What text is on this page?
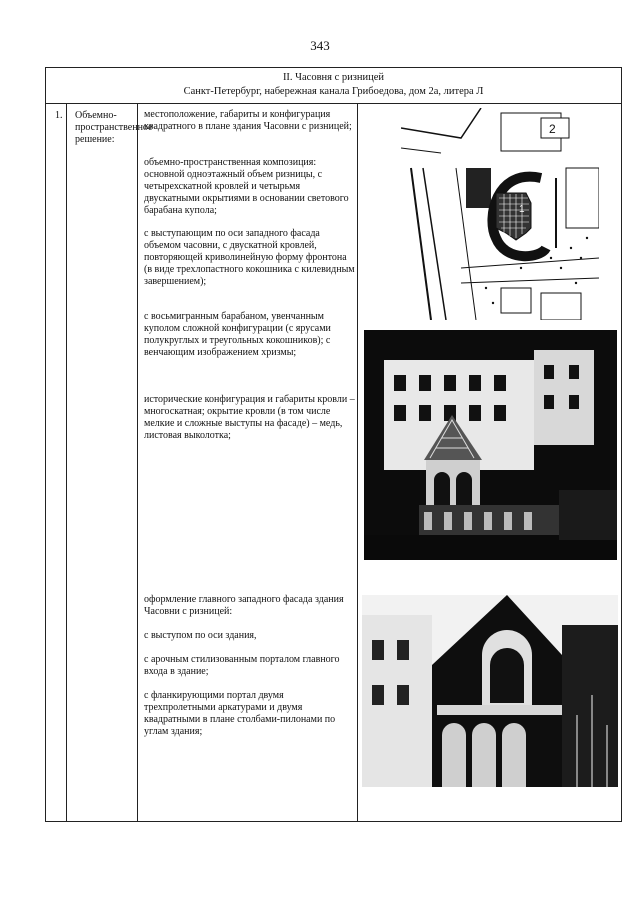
343
II. Часовня с ризницей
Санкт-Петербург, набережная канала Грибоедова, дом 2а, литера Л
1. Объемно-пространственное решение:

местоположение, габариты и конфигурация квадратного в плане здания Часовни с ризницей;

объемно-пространственная композиция: основной одноэтажный объем ризницы, с четырехскатной кровлей и четырьмя двускатными окрытиями в основании светового барабана купола;

с выступающим по оси западного фасада объемом часовни, с двускатной кровлей, повторяющей криволинейную форму фронтона (в виде трехлопастного кокошника с килевидным завершением);

с восьмигранным барабаном, увенчанным куполом сложной конфигурации (с ярусами полукруглых и треугольных кокошников); с венчающим изображением хризмы;

исторические конфигурация и габариты кровли – многоскатная; окрытие кровли (в том числе мелкие и сложные выступы на фасаде) – медь, листовая выколотка;

оформление главного западного фасада здания Часовни с ризницей:

с выступом по оси здания,

с арочным стилизованным порталом главного входа в здание;

с фланкирующими портал двумя трехпролетными аркатурами и двумя квадратными в плане столбами-пилонами по углам здания;

2
1
